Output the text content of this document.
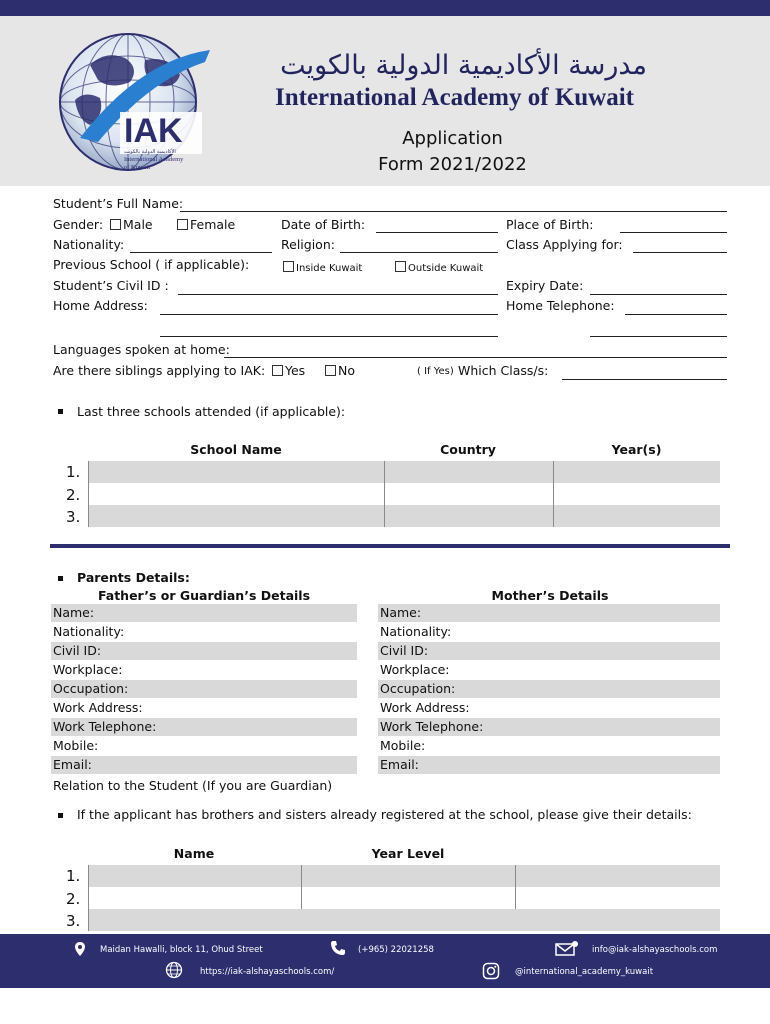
IAK
الأكاديمية الدولية بالكويت
International Academy
of Kuwait
مدرسة الأكاديمية الدولية بالكويت
International Academy of Kuwait
Application
Form 2021/2022
Student’s Full Name:
Gender:	Male	Female	Date of Birth:	Place of Birth:
Nationality:	Religion:	Class Applying for:
Previous School ( if applicable):	Inside Kuwait	Outside Kuwait
Student’s Civil ID :	Expiry Date:
Home Address:	Home Telephone:
Languages spoken at home:
Are there siblings applying to IAK:	Yes	No	( If Yes) Which Class/s:
Last three schools attended (if applicable):
School Name	Country	Year(s)
1.
2.
3.
Parents Details:
Father’s or Guardian’s Details	Mother’s Details
Name:
Nationality:
Civil ID:
Workplace:
Occupation:
Work Address:
Work Telephone:
Mobile:
Email:
Name:
Nationality:
Civil ID:
Workplace:
Occupation:
Work Address:
Work Telephone:
Mobile:
Email:
Relation to the Student (If you are Guardian)
If the applicant has brothers and sisters already registered at the school, please give their details:
Name	Year Level
1.
2.
3.
Maidan Hawalli, block 11, Ohud Street	(+965) 22021258	info@iak-alshayaschools.com
https://iak-alshayaschools.com/	@international_academy_kuwait
